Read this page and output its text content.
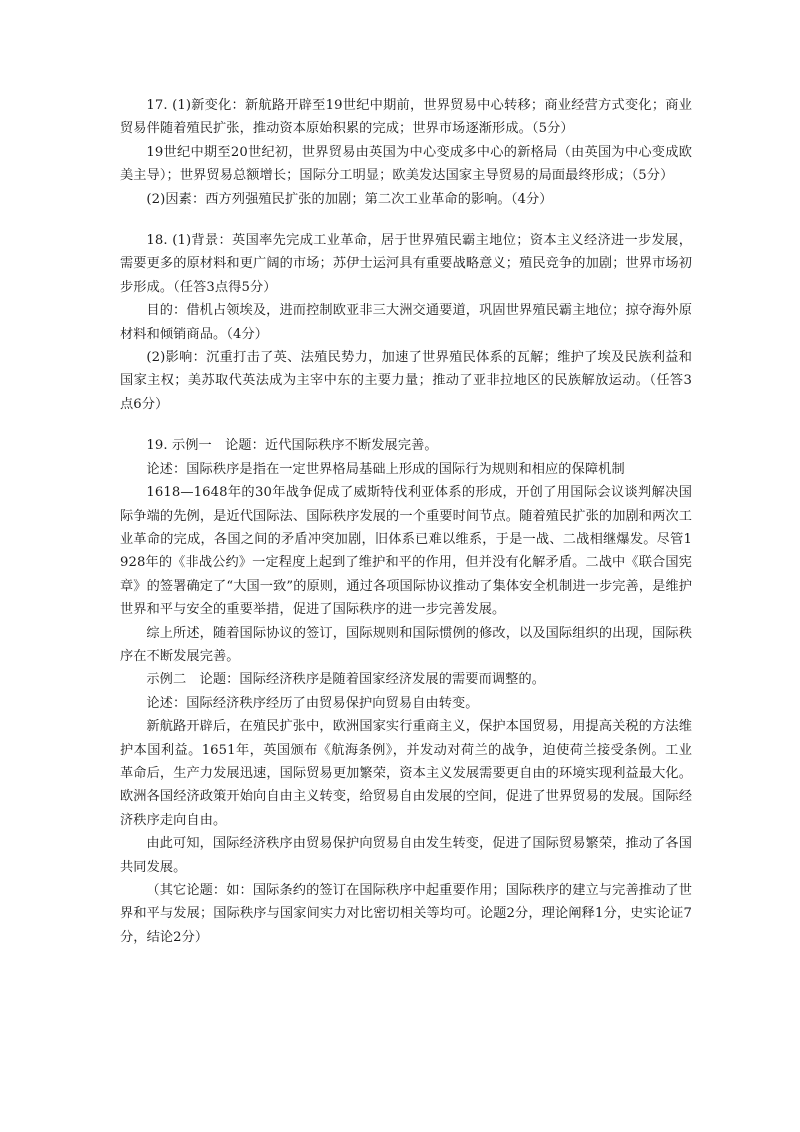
17. (1)新变化：新航路开辟至19世纪中期前，世界贸易中心转移；商业经营方式变化；商业贸易伴随着殖民扩张，推动资本原始积累的完成；世界市场逐渐形成。（5分）

19世纪中期至20世纪初，世界贸易由英国为中心变成多中心的新格局（由英国为中心变成欧美主导）；世界贸易总额增长；国际分工明显；欧美发达国家主导贸易的局面最终形成；（5分）

(2)因素：西方列强殖民扩张的加剧；第二次工业革命的影响。（4分）

18. (1)背景：英国率先完成工业革命，居于世界殖民霸主地位；资本主义经济进一步发展，需要更多的原材料和更广阔的市场；苏伊士运河具有重要战略意义；殖民竞争的加剧；世界市场初步形成。（任答3点得5分）

目的：借机占领埃及，进而控制欧亚非三大洲交通要道，巩固世界殖民霸主地位；掠夺海外原材料和倾销商品。（4分）

(2)影响：沉重打击了英、法殖民势力，加速了世界殖民体系的瓦解；维护了埃及民族利益和国家主权；美苏取代英法成为主宰中东的主要力量；推动了亚非拉地区的民族解放运动。（任答3点6分）

19. 示例一　论题：近代国际秩序不断发展完善。

论述：国际秩序是指在一定世界格局基础上形成的国际行为规则和相应的保障机制

1618—1648年的30年战争促成了威斯特伐利亚体系的形成，开创了用国际会议谈判解决国际争端的先例，是近代国际法、国际秩序发展的一个重要时间节点。随着殖民扩张的加剧和两次工业革命的完成，各国之间的矛盾冲突加剧，旧体系已难以维系，于是一战、二战相继爆发。尽管1928年的《非战公约》一定程度上起到了维护和平的作用，但并没有化解矛盾。二战中《联合国宪章》的签署确定了“大国一致”的原则，通过各项国际协议推动了集体安全机制进一步完善，是维护世界和平与安全的重要举措，促进了国际秩序的进一步完善发展。

综上所述，随着国际协议的签订，国际规则和国际惯例的修改，以及国际组织的出现，国际秩序在不断发展完善。

示例二　论题：国际经济秩序是随着国家经济发展的需要而调整的。

论述：国际经济秩序经历了由贸易保护向贸易自由转变。

新航路开辟后，在殖民扩张中，欧洲国家实行重商主义，保护本国贸易，用提高关税的方法维护本国利益。1651年，英国颁布《航海条例》，并发动对荷兰的战争，迫使荷兰接受条例。工业革命后，生产力发展迅速，国际贸易更加繁荣，资本主义发展需要更自由的环境实现利益最大化。欧洲各国经济政策开始向自由主义转变，给贸易自由发展的空间，促进了世界贸易的发展。国际经济秩序走向自由。

由此可知，国际经济秩序由贸易保护向贸易自由发生转变，促进了国际贸易繁荣，推动了各国共同发展。

（其它论题：如：国际条约的签订在国际秩序中起重要作用；国际秩序的建立与完善推动了世界和平与发展；国际秩序与国家间实力对比密切相关等均可。论题2分，理论阐释1分，史实论证7分，结论2分）
